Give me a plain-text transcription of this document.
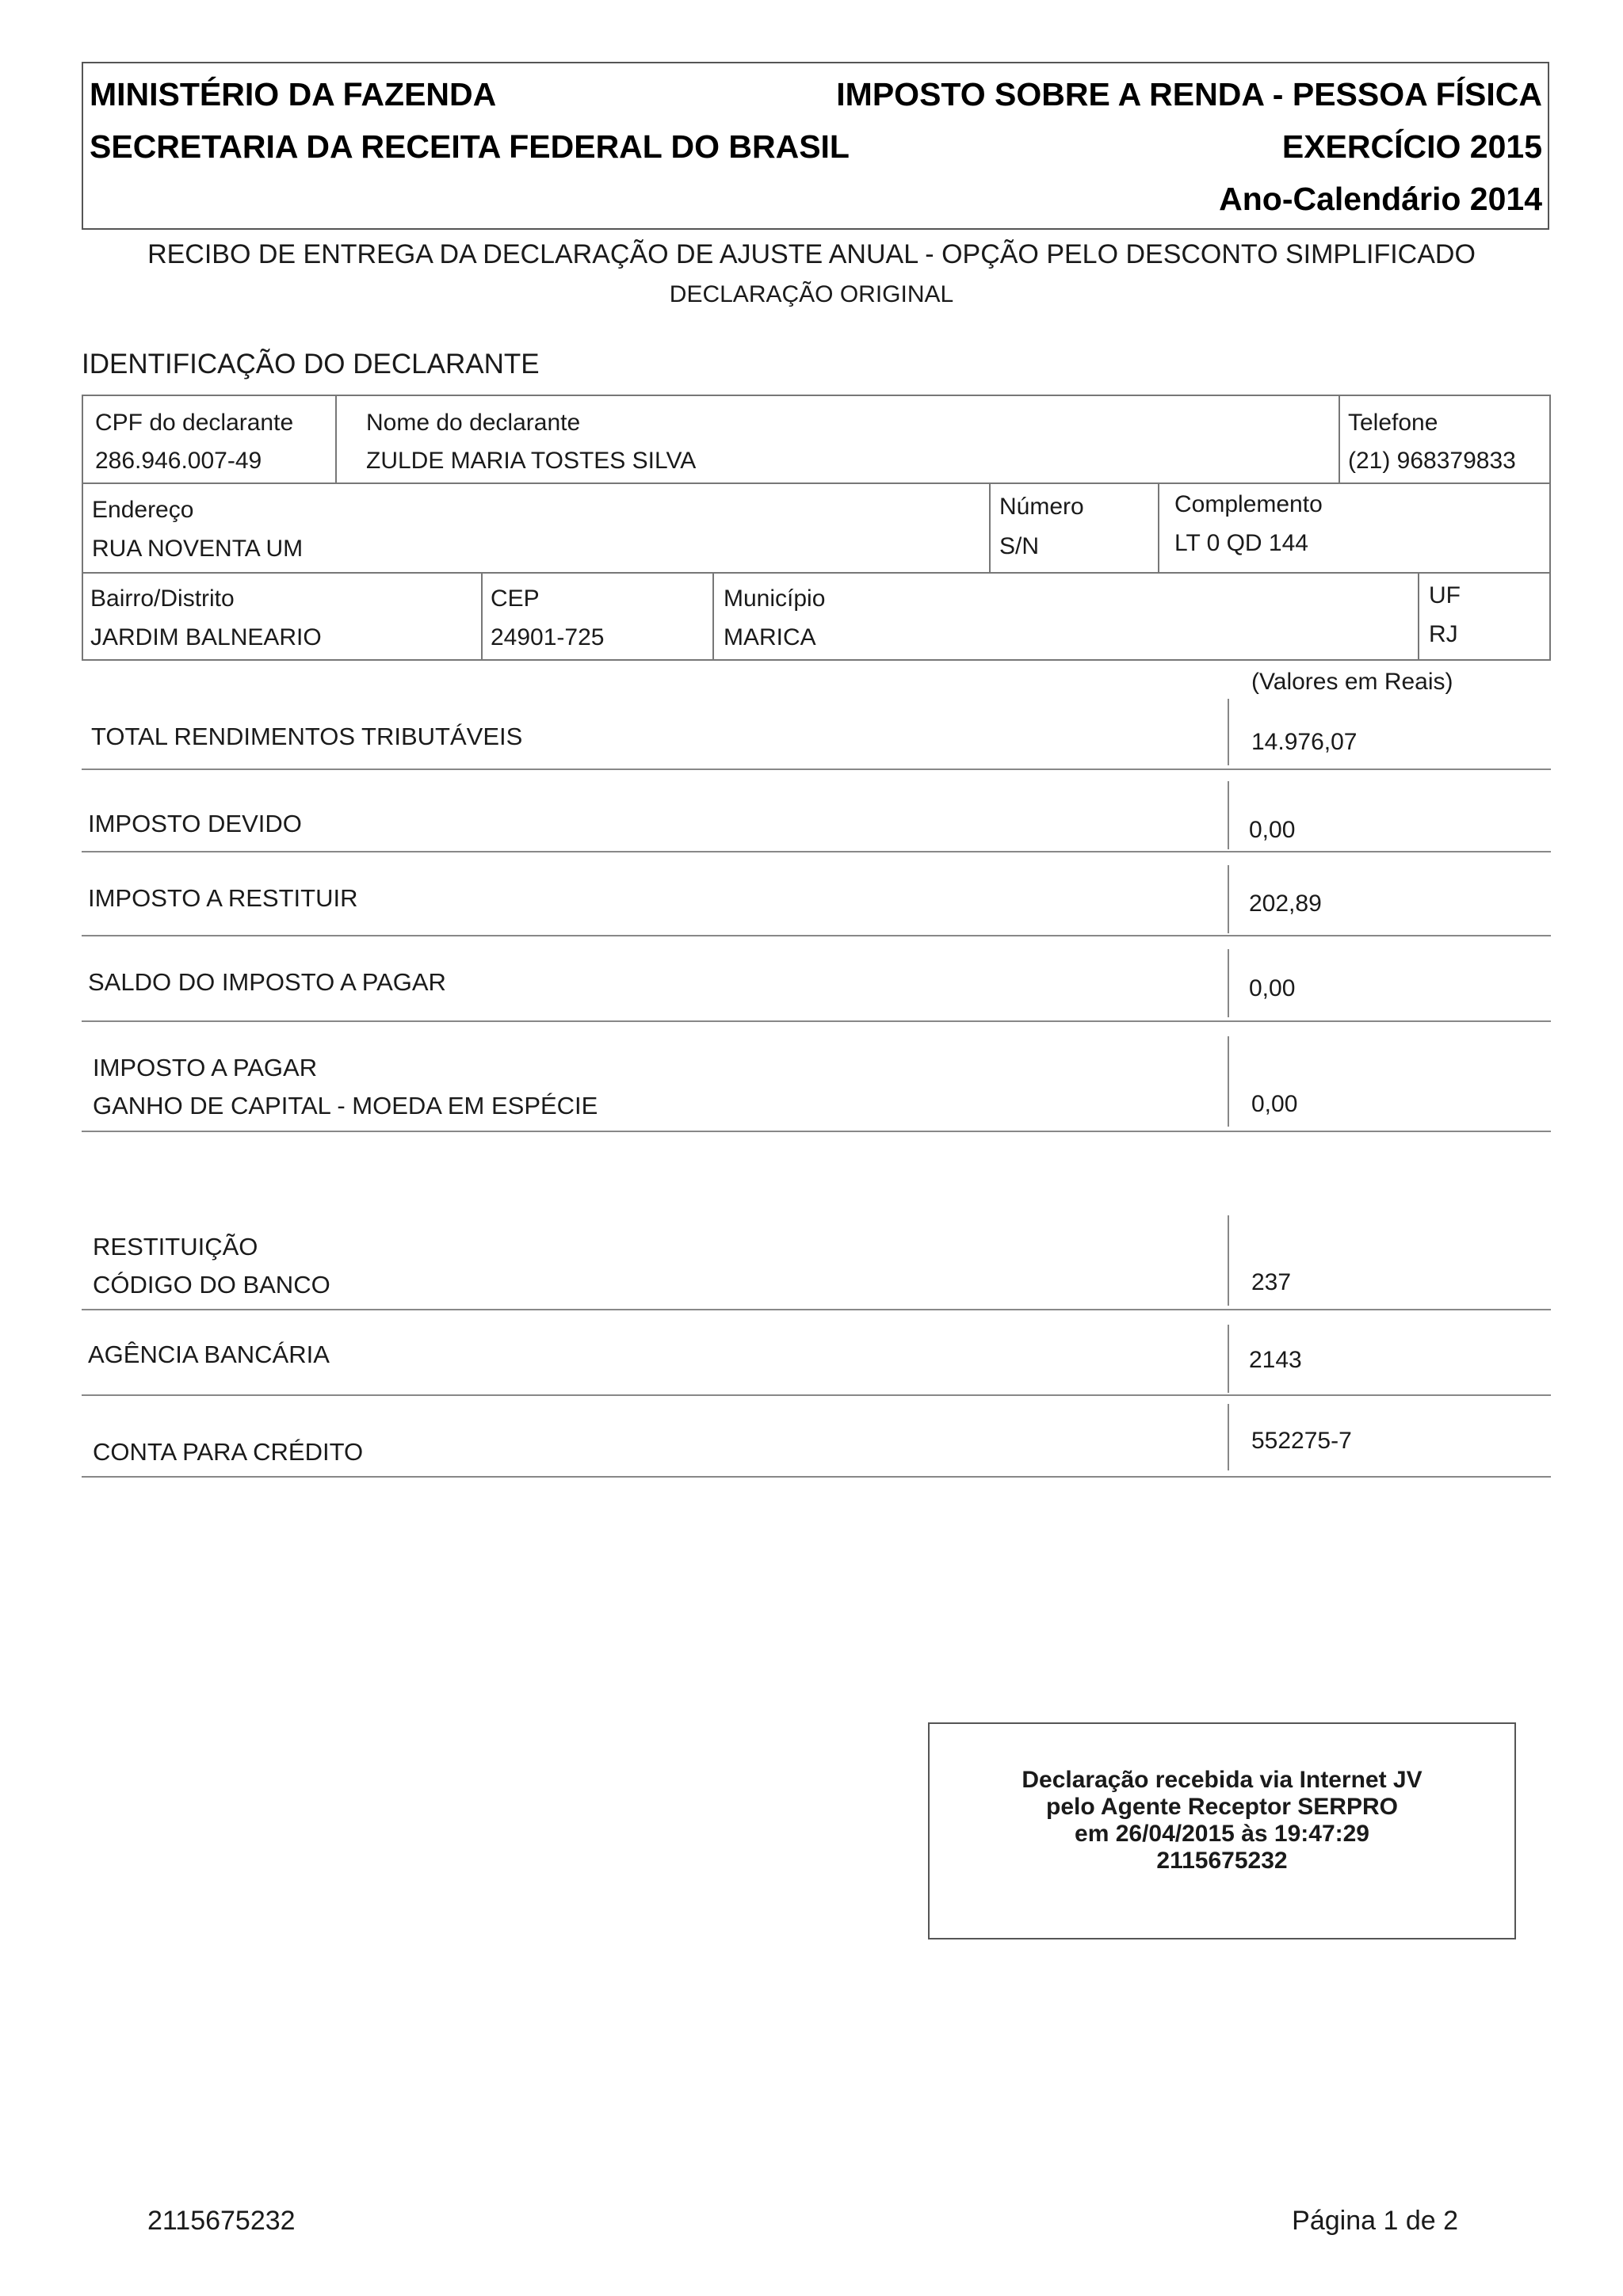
MINISTÉRIO DA FAZENDA
SECRETARIA DA RECEITA FEDERAL DO BRASIL
IMPOSTO SOBRE A RENDA - PESSOA FÍSICA
EXERCÍCIO 2015
Ano-Calendário 2014
RECIBO DE ENTREGA DA DECLARAÇÃO DE AJUSTE ANUAL - OPÇÃO PELO DESCONTO SIMPLIFICADO
DECLARAÇÃO ORIGINAL
IDENTIFICAÇÃO DO DECLARANTE
CPF do declarante
286.946.007-49
Nome do declarante
ZULDE MARIA TOSTES SILVA
Telefone
(21) 968379833
Endereço
RUA NOVENTA UM
Número
S/N
Complemento
LT 0 QD 144
Bairro/Distrito
JARDIM BALNEARIO
CEP
24901-725
Município
MARICA
UF
RJ
(Valores em Reais)
TOTAL RENDIMENTOS TRIBUTÁVEIS	14.976,07
IMPOSTO DEVIDO	0,00
IMPOSTO A RESTITUIR	202,89
SALDO DO IMPOSTO A PAGAR	0,00
IMPOSTO A PAGAR
GANHO DE CAPITAL - MOEDA EM ESPÉCIE	0,00
RESTITUIÇÃO
CÓDIGO DO BANCO	237
AGÊNCIA BANCÁRIA	2143
CONTA PARA CRÉDITO	552275-7
Declaração recebida via Internet JV
pelo Agente Receptor SERPRO
em 26/04/2015 às 19:47:29
2115675232
2115675232	Página 1 de 2
